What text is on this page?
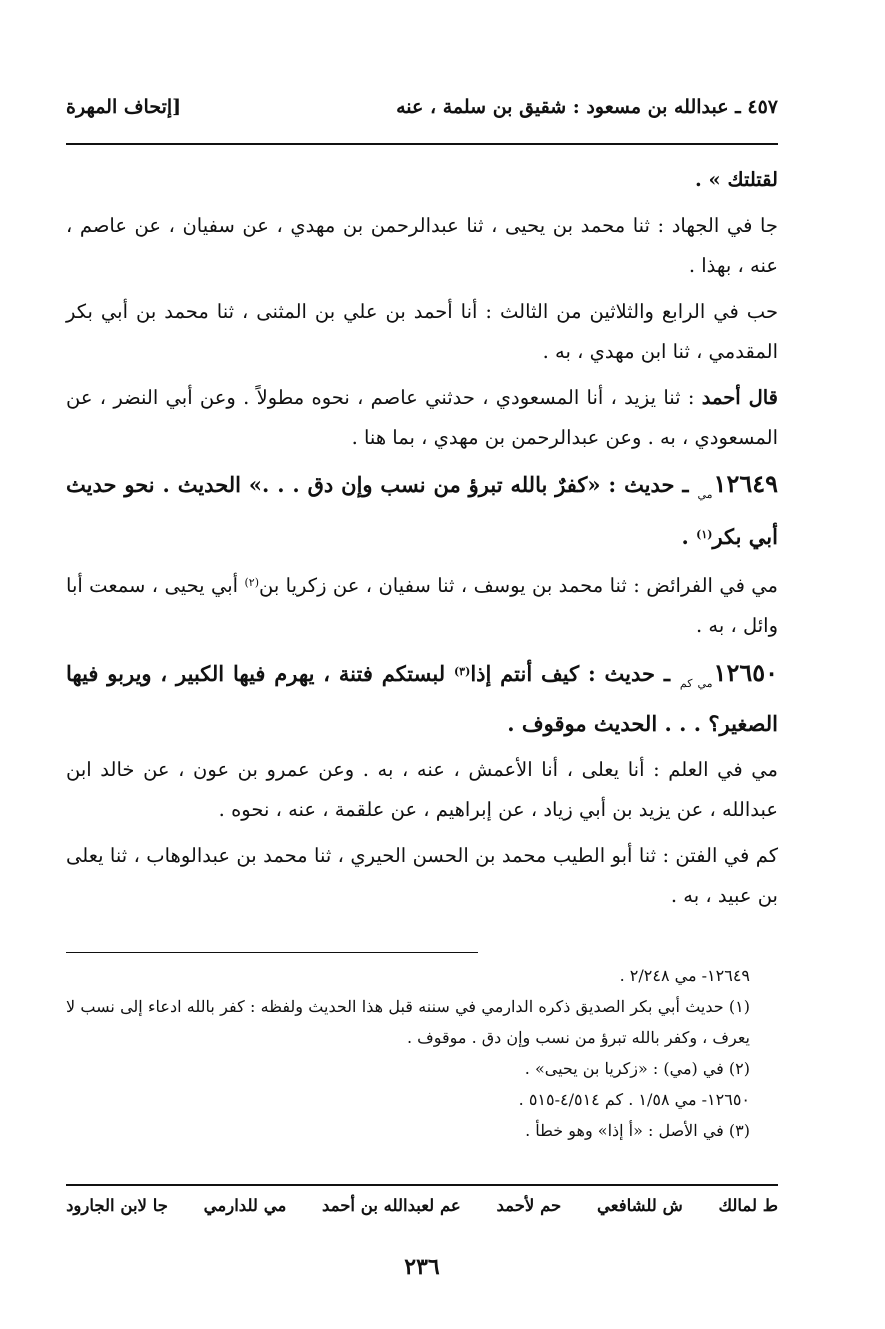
٤٥٧ ـ عبدالله بن مسعود : شقيق بن سلمة ، عنه
[إتحاف المهرة

لقتلتك » .

جا في الجهاد : ثنا محمد بن يحيى ، ثنا عبدالرحمن بن مهدي ، عن سفيان ، عن عاصم ، عنه ، بهذا .

حب في الرابع والثلاثين من الثالث : أنا أحمد بن علي بن المثنى ، ثنا محمد بن أبي بكر المقدمي ، ثنا ابن مهدي ، به .

قال أحمد : ثنا يزيد ، أنا المسعودي ، حدثني عاصم ، نحوه مطولاً . وعن أبي النضر ، عن المسعودي ، به . وعن عبدالرحمن بن مهدي ، بما هنا .

$١٢٦٤٩_{مي}$ ـ حديث : «كفرٌ بالله تبرؤ من نسب وإن دق . . .» الحديث . نحو حديث أبي بكر$^{(١)}$ .

مي في الفرائض : ثنا محمد بن يوسف ، ثنا سفيان ، عن زكريا بن$^{(٢)}$ أبي يحيى ، سمعت أبا وائل ، به .

$١٢٦٥٠_{مي كم}$ ـ حديث : كيف أنتم إذا$^{(٣)}$ لبستكم فتنة ، يهرم فيها الكبير ، ويربو فيها الصغير؟ . . . الحديث موقوف .

مي في العلم : أنا يعلى ، أنا الأعمش ، عنه ، به . وعن عمرو بن عون ، عن خالد ابن عبدالله ، عن يزيد بن أبي زياد ، عن إبراهيم ، عن علقمة ، عنه ، نحوه .

كم في الفتن : ثنا أبو الطيب محمد بن الحسن الحيري ، ثنا محمد بن عبدالوهاب ، ثنا يعلى بن عبيد ، به .

١٢٦٤٩- مي ٢/٢٤٨ .

(١) حديث أبي بكر الصديق ذكره الدارمي في سننه قبل هذا الحديث ولفظه : كفر بالله ادعاء إلى نسب لا يعرف ، وكفر بالله تبرؤ من نسب وإن دق . موقوف .

(٢) في (مي) : «زكريا بن يحيى» .

١٢٦٥٠- مي ١/٥٨ . كم ٤/٥١٤-٥١٥ .

(٣) في الأصل : «أ إذا» وهو خطأ .

ط لمالك
ش للشافعي
حم لأحمد
عم لعبدالله بن أحمد
مي للدارمي
جا لابن الجارود
٢٣٦
